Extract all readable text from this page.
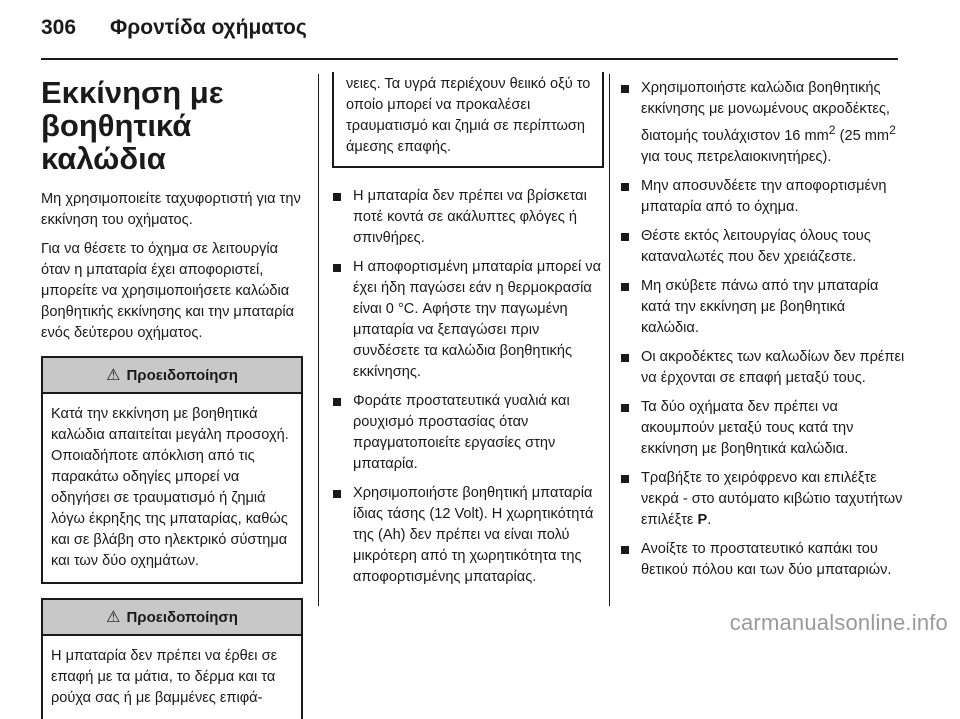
306 Φροντίδα οχήματος
Εκκίνηση με βοηθητικά καλώδια

Μη χρησιμοποιείτε ταχυφορτιστή για την εκκίνηση του οχήματος.

Για να θέσετε το όχημα σε λειτουργία όταν η μπαταρία έχει αποφοριστεί, μπορείτε να χρησιμοποιήσετε καλώδια βοηθητικής εκκίνησης και την μπαταρία ενός δεύτερου οχήματος.

⚠ Προειδοποίηση
Κατά την εκκίνηση με βοηθητικά καλώδια απαιτείται μεγάλη προσοχή. Οποιαδήποτε απόκλιση από τις παρακάτω οδηγίες μπορεί να οδηγήσει σε τραυματισμό ή ζημιά λόγω έκρηξης της μπαταρίας, καθώς και σε βλάβη στο ηλεκτρικό σύστημα και των δύο οχημάτων.
⚠ Προειδοποίηση
Η μπαταρία δεν πρέπει να έρθει σε επαφή με τα μάτια, το δέρμα και τα ρούχα σας ή με βαμμένες επιφά-
νειες. Τα υγρά περιέχουν θειικό οξύ το οποίο μπορεί να προκαλέσει τραυματισμό και ζημιά σε περίπτωση άμεσης επαφής.
Η μπαταρία δεν πρέπει να βρίσκεται ποτέ κοντά σε ακάλυπτες φλόγες ή σπινθήρες.
Η αποφορτισμένη μπαταρία μπορεί να έχει ήδη παγώσει εάν η θερμοκρασία είναι 0 °C. Αφήστε την παγωμένη μπαταρία να ξεπαγώσει πριν συνδέσετε τα καλώδια βοηθητικής εκκίνησης.
Φοράτε προστατευτικά γυαλιά και ρουχισμό προστασίας όταν πραγματοποιείτε εργασίες στην μπαταρία.
Χρησιμοποιήστε βοηθητική μπαταρία ίδιας τάσης (12 Volt). Η χωρητικότητά της (Ah) δεν πρέπει να είναι πολύ μικρότερη από τη χωρητικότητα της αποφορτισμένης μπαταρίας.
Χρησιμοποιήστε καλώδια βοηθητικής εκκίνησης με μονωμένους ακροδέκτες, διατομής τουλάχιστον 16 $mm^2$ (25 $mm^2$ για τους πετρελαιοκινητήρες).
Μην αποσυνδέετε την αποφορτισμένη μπαταρία από το όχημα.
Θέστε εκτός λειτουργίας όλους τους καταναλωτές που δεν χρειάζεστε.
Μη σκύβετε πάνω από την μπαταρία κατά την εκκίνηση με βοηθητικά καλώδια.
Οι ακροδέκτες των καλωδίων δεν πρέπει να έρχονται σε επαφή μεταξύ τους.
Τα δύο οχήματα δεν πρέπει να ακουμπούν μεταξύ τους κατά την εκκίνηση με βοηθητικά καλώδια.
Τραβήξτε το χειρόφρενο και επιλέξτε νεκρά - στο αυτόματο κιβώτιο ταχυτήτων επιλέξτε P.
Ανοίξτε το προστατευτικό καπάκι του θετικού πόλου και των δύο μπαταριών.
carmanualsonline.info
